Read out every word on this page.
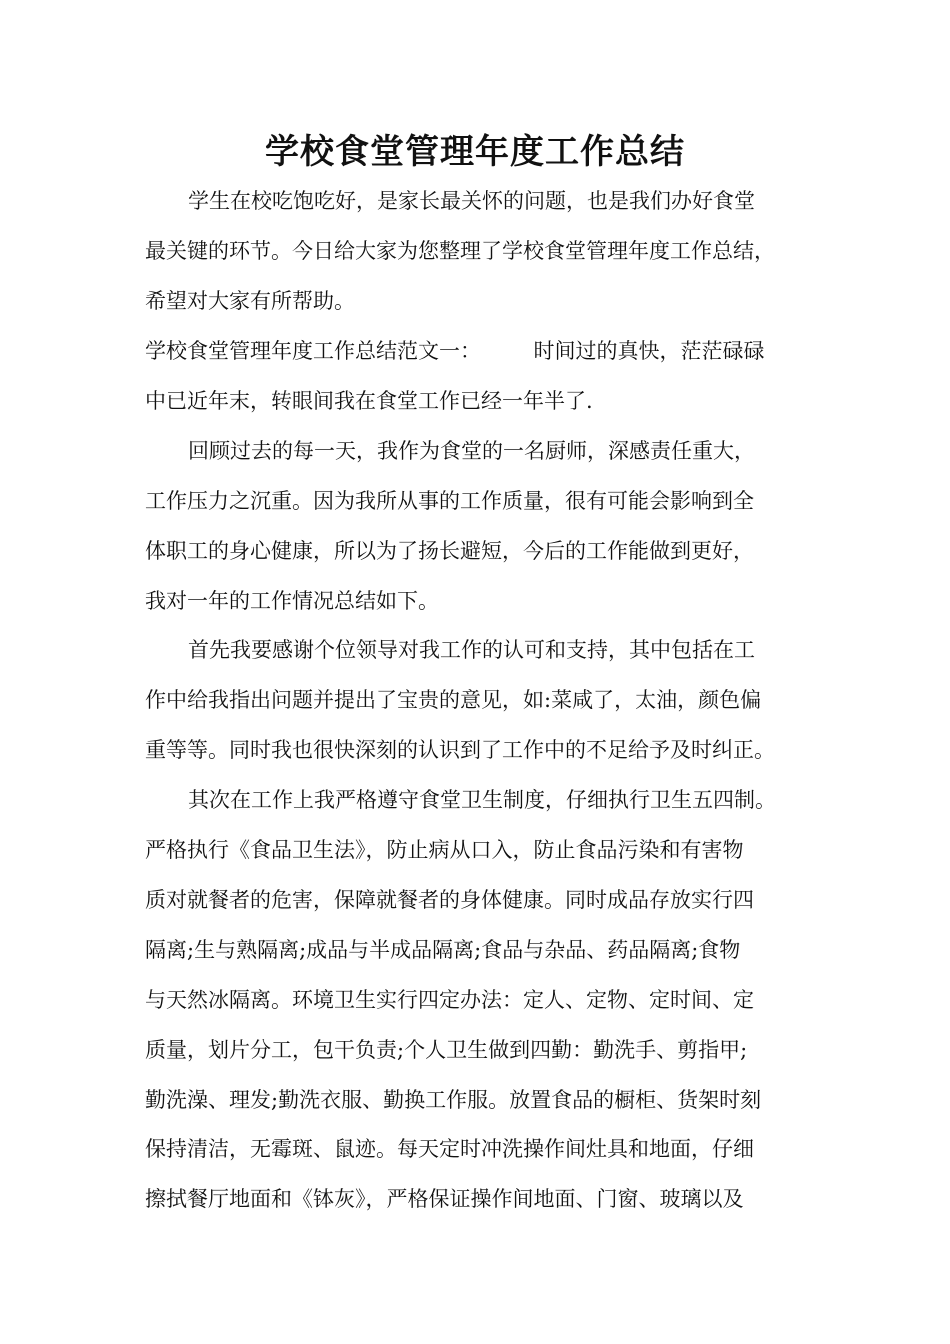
学校食堂管理年度工作总结

学生在校吃饱吃好，是家长最关怀的问题，也是我们办好食堂

最关键的环节。今日给大家为您整理了学校食堂管理年度工作总结，

希望对大家有所帮助。

学校食堂管理年度工作总结范文一：　　　时间过的真快，茫茫碌碌

中已近年末，转眼间我在食堂工作已经一年半了.

回顾过去的每一天，我作为食堂的一名厨师，深感责任重大，

工作压力之沉重。因为我所从事的工作质量，很有可能会影响到全

体职工的身心健康，所以为了扬长避短，今后的工作能做到更好，

我对一年的工作情况总结如下。

首先我要感谢个位领导对我工作的认可和支持，其中包括在工

作中给我指出问题并提出了宝贵的意见，如:菜咸了，太油，颜色偏

重等等。同时我也很快深刻的认识到了工作中的不足给予及时纠正。

其次在工作上我严格遵守食堂卫生制度，仔细执行卫生五四制。

严格执行《食品卫生法》，防止病从口入，防止食品污染和有害物

质对就餐者的危害，保障就餐者的身体健康。同时成品存放实行四

隔离;生与熟隔离;成品与半成品隔离;食品与杂品、药品隔离;食物

与天然冰隔离。环境卫生实行四定办法：定人、定物、定时间、定

质量，划片分工，包干负责;个人卫生做到四勤：勤洗手、剪指甲;

勤洗澡、理发;勤洗衣服、勤换工作服。放置食品的橱柜、货架时刻

保持清洁，无霉斑、鼠迹。每天定时冲洗操作间灶具和地面，仔细

擦拭餐厅地面和《钵灰》，严格保证操作间地面、门窗、玻璃以及
